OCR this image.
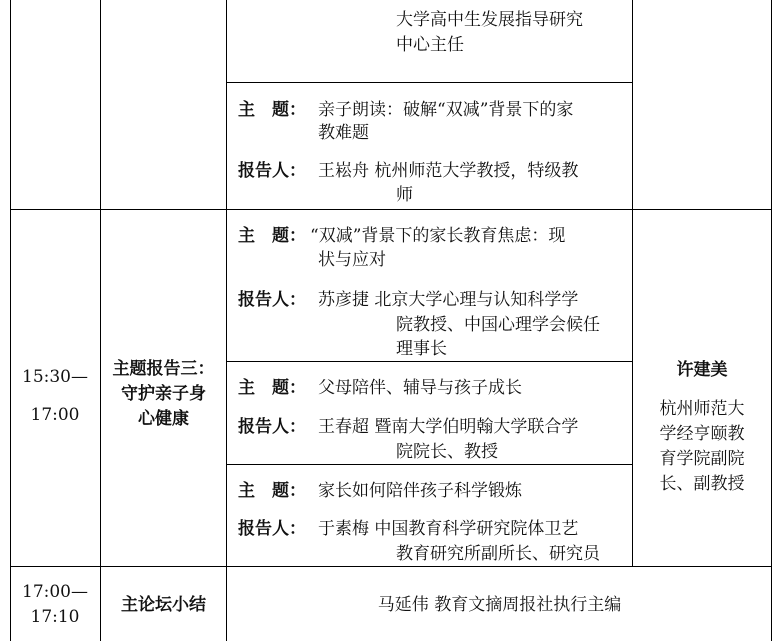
大学高中生发展指导研究
中心主任
主　题： 亲子朗读：破解“双减”背景下的家
教难题
报告人： 王崧舟 杭州师范大学教授，特级教
师
15:30—
17:00
主题报告三：
守护亲子身
心健康
许建美
杭州师范大
学经亨颐教
育学院副院
长、副教授
主　题： “双减”背景下的家长教育焦虑：现
状与应对
报告人： 苏彦捷 北京大学心理与认知科学学
院教授、中国心理学会候任
理事长
主　题： 父母陪伴、辅导与孩子成长
报告人： 王春超 暨南大学伯明翰大学联合学
院院长、教授
主　题： 家长如何陪伴孩子科学锻炼
报告人： 于素梅 中国教育科学研究院体卫艺
教育研究所副所长、研究员
17:00—
17:10
主论坛小结	马延伟 教育文摘周报社执行主编
